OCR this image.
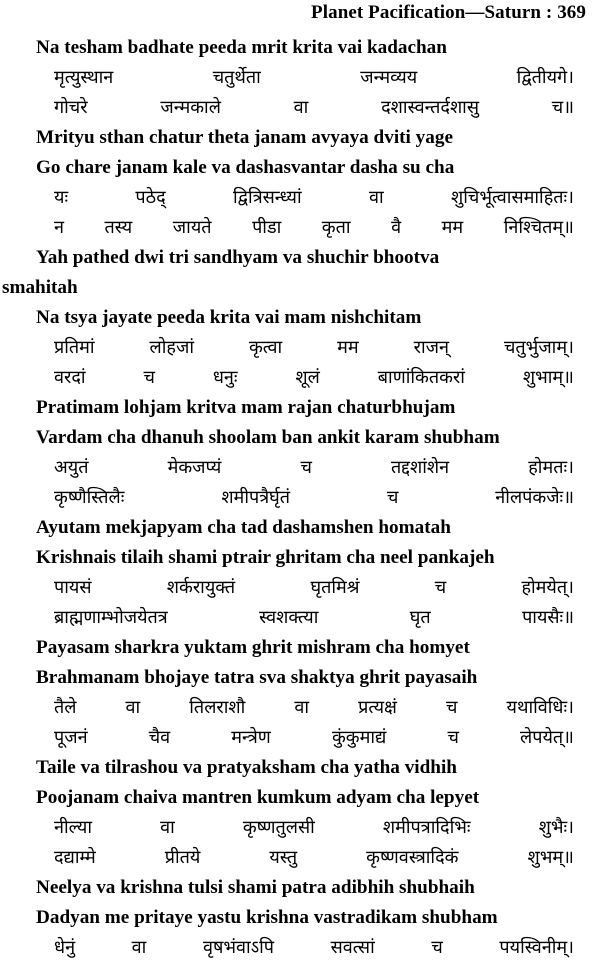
Planet Pacification—Saturn : 369
Na tesham badhate peeda mrit krita vai kadachan
मृत्युस्थान	चतुर्थेता	जन्मव्यय	द्वितीयगे।
गोचरे	जन्मकाले	वा	दशास्वन्तर्दशासु	च॥
Mrityu sthan chatur theta janam avyaya dviti yage
Go chare janam kale va dashasvantar dasha su cha
यः	पठेद्	द्वित्रिसन्ध्यां	वा	शुचिर्भूत्वासमाहितः।
न तस्य जायते पीडा कृता वै मम निश्चितम्॥
Yah pathed dwi tri sandhyam va shuchir bhootva
smahitah
Na tsya jayate peeda krita vai mam nishchitam
प्रतिमां	लोहजां	कृत्वा	मम	राजन्	चतुर्भुजाम्।
वरदां	च	धनुः	शूलं	बाणांकितकरां	शुभाम्॥
Pratimam lohjam kritva mam rajan chaturbhujam
Vardam cha dhanuh shoolam ban ankit karam shubham
अयुतं	मेकजप्यं	च	तद्दशांशेन	होमतः।
कृष्णैस्तिलैः	शमीपत्रैर्घृतं	च	नीलपंकजेः॥
Ayutam mekjapyam cha tad dashamshen homatah
Krishnais tilaih shami ptrair ghritam cha neel pankajeh
पायसं	शर्करायुक्तं	घृतमिश्रं	च	होमयेत्।
ब्राह्मणाम्भोजयेतत्र	स्वशक्त्या	घृत	पायसैः॥
Payasam sharkra yuktam ghrit mishram cha homyet
Brahmanam bhojaye tatra sva shaktya ghrit payasaih
तैले	वा	तिलराशौ	वा	प्रत्यक्षं	च	यथाविधिः।
पूजनं	चैव	मन्त्रेण	कुंकुमाद्यं	च	लेपयेत्॥
Taile va tilrashou va pratyaksham cha yatha vidhih
Poojanam chaiva mantren kumkum adyam cha lepyet
नील्या	वा	कृष्णतुलसी	शमीपत्रादिभिः	शुभैः।
दद्याम्मे	प्रीतये	यस्तु	कृष्णवस्त्रादिकं	शुभम्॥
Neelya va krishna tulsi shami patra adibhih shubhaih
Dadyan me pritaye yastu krishna vastradikam shubham
धेनुं	वा	वृषभंवाऽपि	सवत्सां	च	पयस्विनीम्।
